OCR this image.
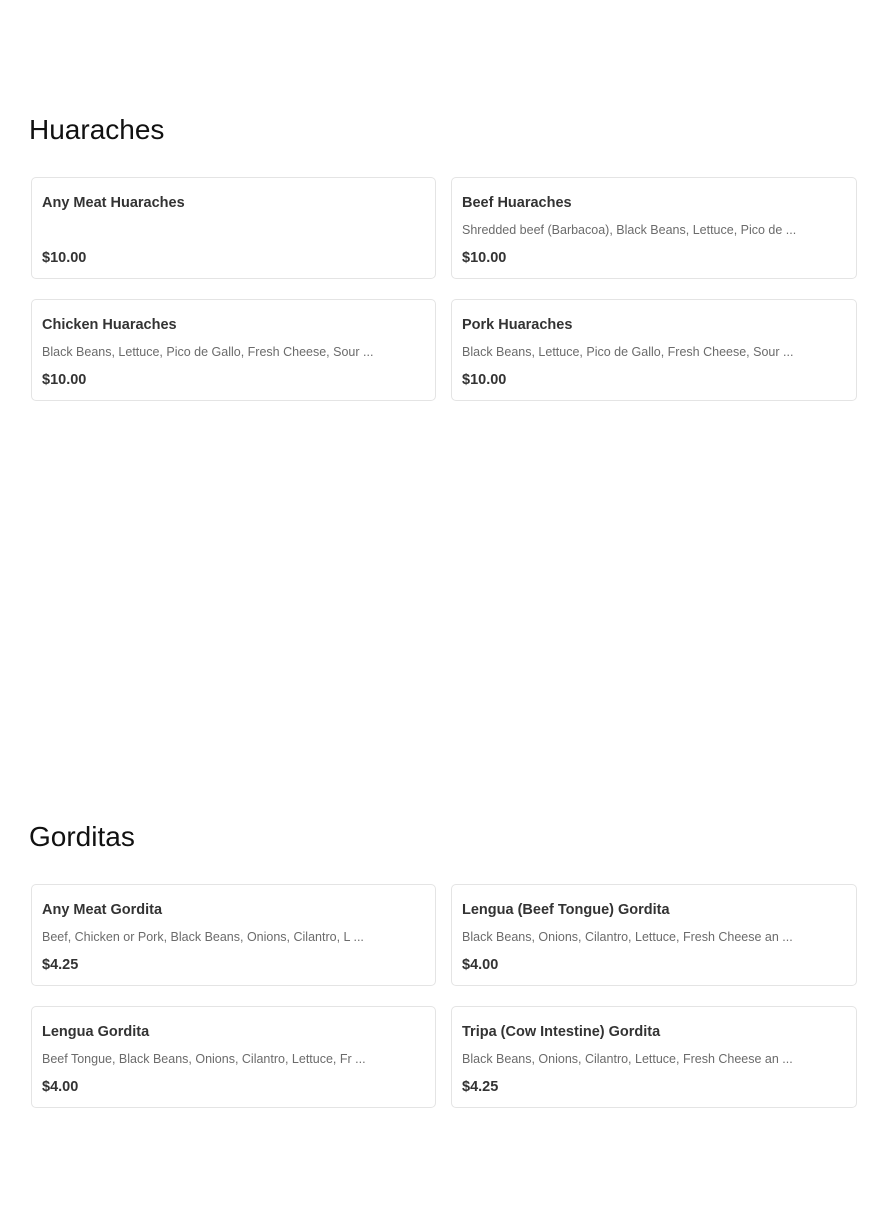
Huaraches
Any Meat Huaraches
$10.00
Beef Huaraches
Shredded beef (Barbacoa), Black Beans, Lettuce, Pico de ...
$10.00
Chicken Huaraches
Black Beans, Lettuce, Pico de Gallo, Fresh Cheese, Sour ...
$10.00
Pork Huaraches
Black Beans, Lettuce, Pico de Gallo, Fresh Cheese, Sour ...
$10.00
Gorditas
Any Meat Gordita
Beef, Chicken or Pork, Black Beans, Onions, Cilantro, L ...
$4.25
Lengua (Beef Tongue) Gordita
Black Beans, Onions, Cilantro, Lettuce, Fresh Cheese an ...
$4.00
Lengua Gordita
Beef Tongue, Black Beans, Onions, Cilantro, Lettuce, Fr ...
$4.00
Tripa (Cow Intestine) Gordita
Black Beans, Onions, Cilantro, Lettuce, Fresh Cheese an ...
$4.25
